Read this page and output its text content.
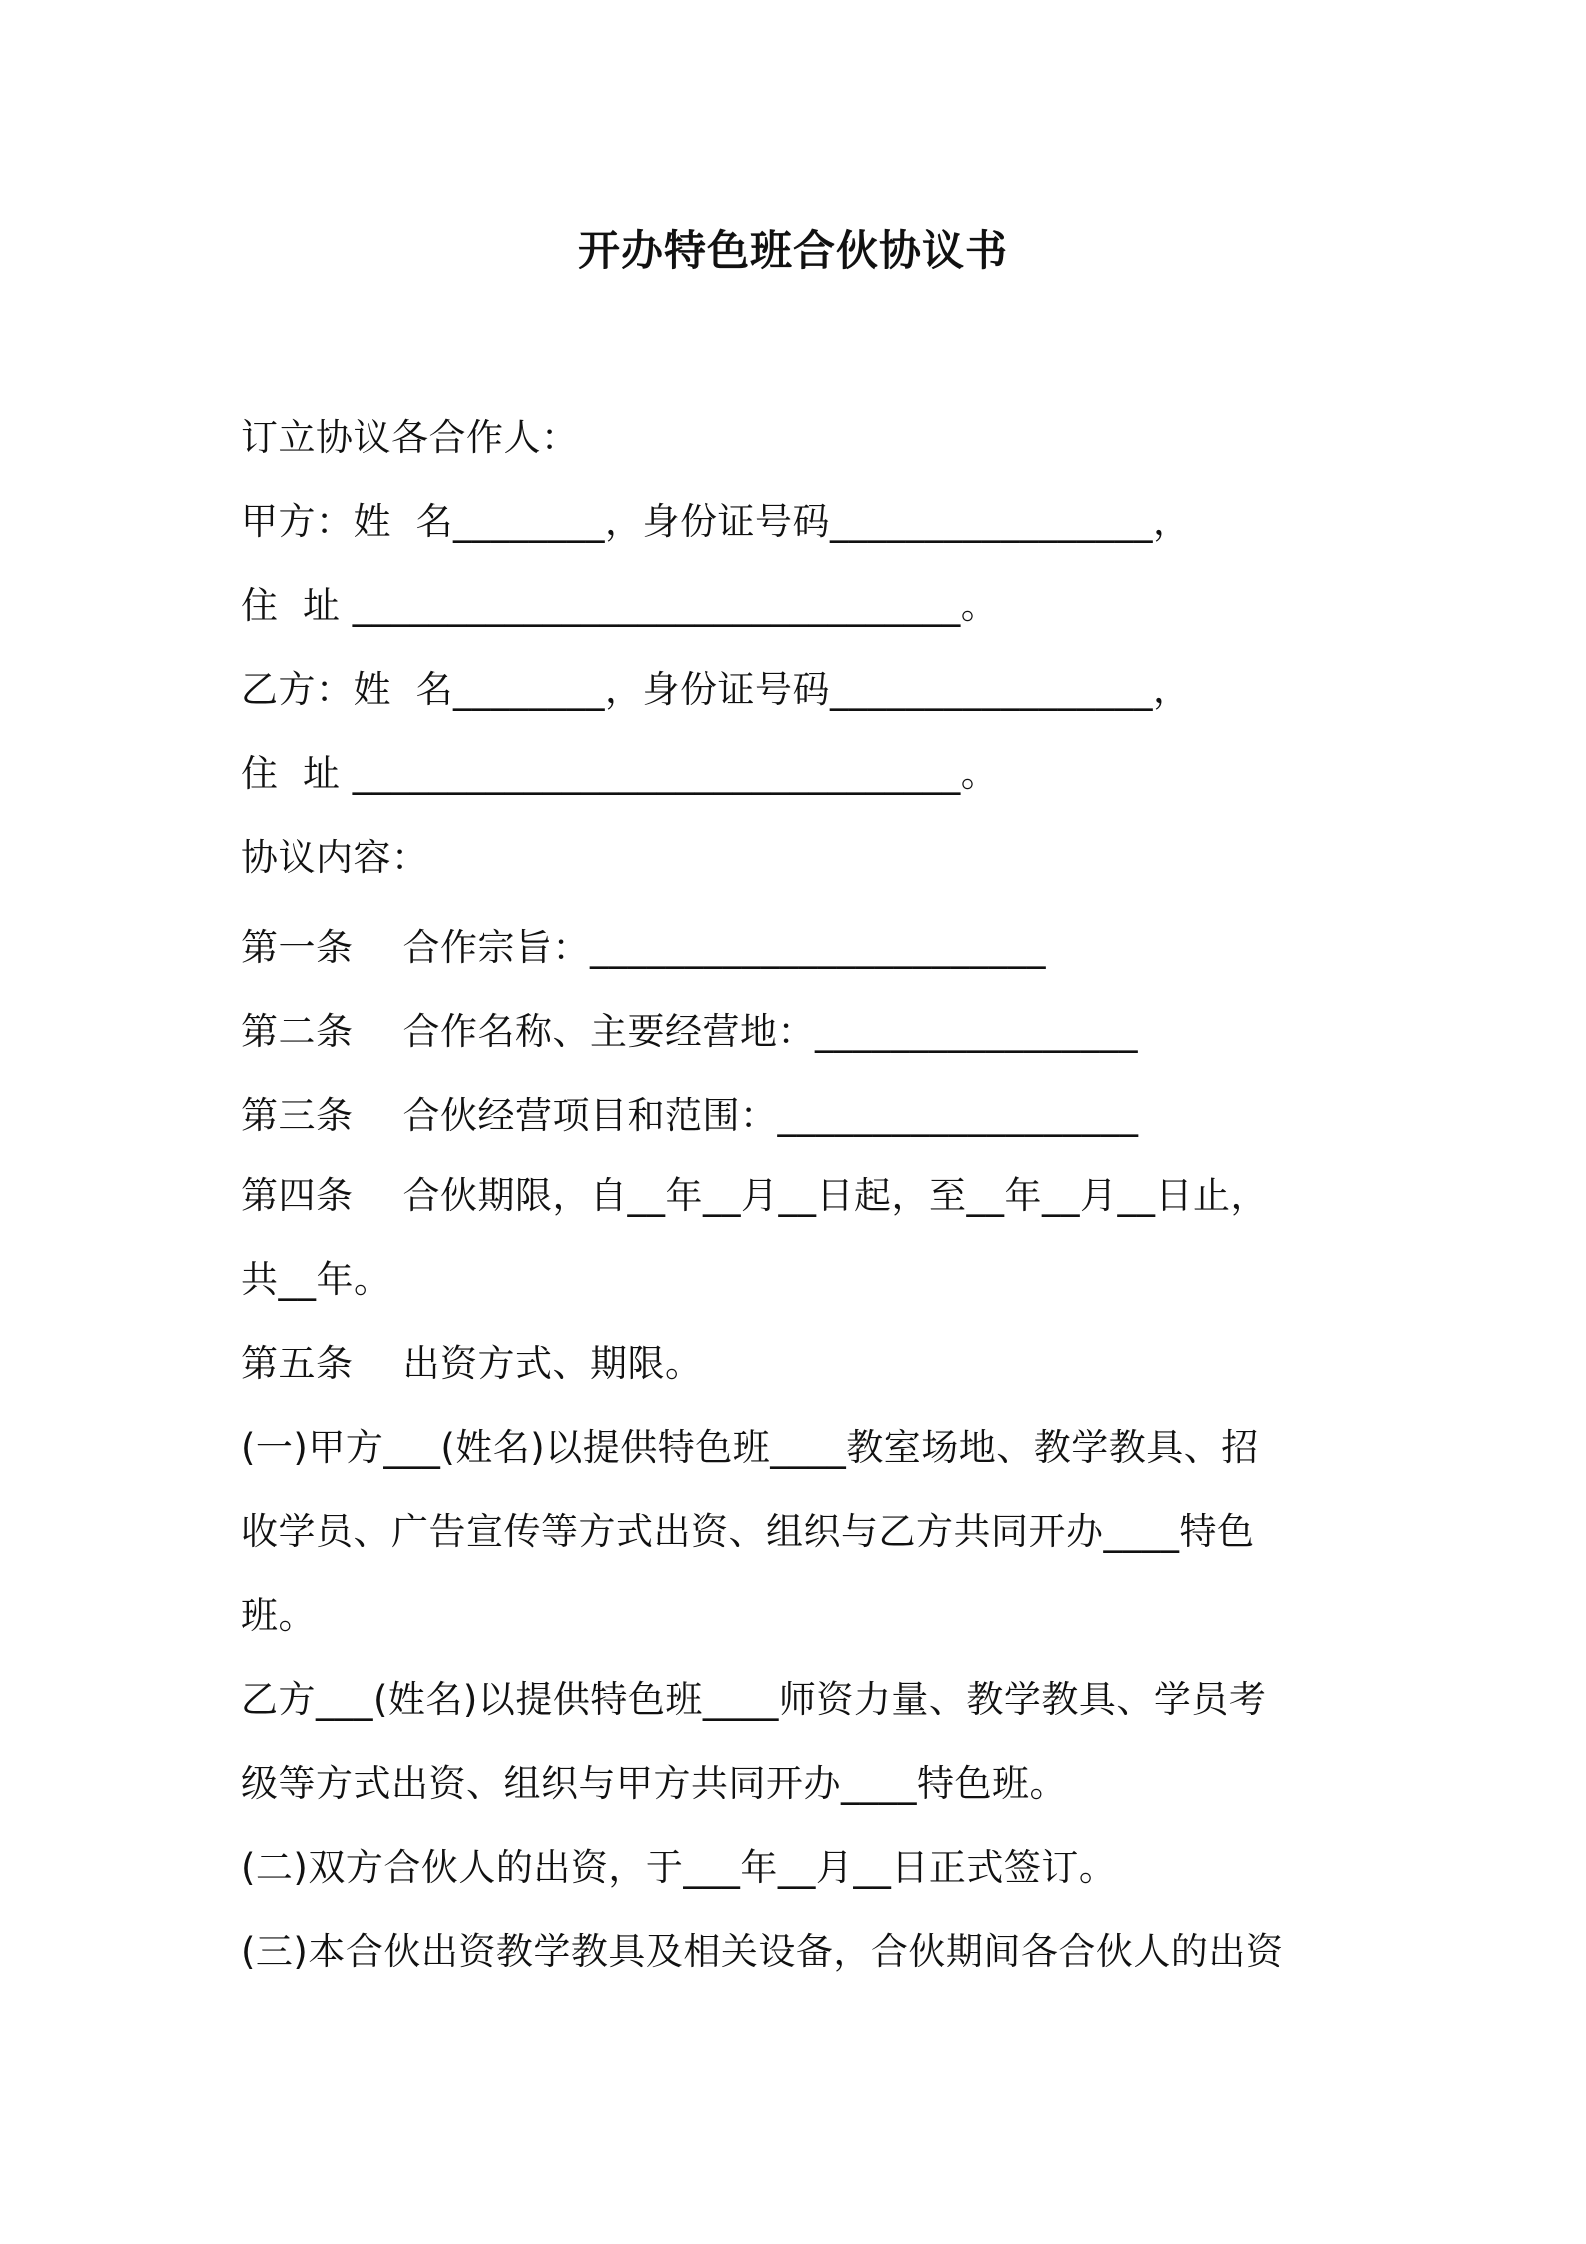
开办特色班合伙协议书
订立协议各合作人：
甲方：姓  名________，身份证号码_________________，
住  址 ________________________________。
乙方：姓  名________，身份证号码_________________，
住  址 ________________________________。
协议内容：
第一条    合作宗旨：________________________
第二条    合作名称、主要经营地：_________________
第三条    合伙经营项目和范围：___________________
第四条    合伙期限，自__年__月__日起，至__年__月__日止，
共__年。
第五条    出资方式、期限。
(一)甲方___(姓名)以提供特色班____教室场地、教学教具、招
收学员、广告宣传等方式出资、组织与乙方共同开办____特色
班。
乙方___(姓名)以提供特色班____师资力量、教学教具、学员考
级等方式出资、组织与甲方共同开办____特色班。
(二)双方合伙人的出资，于___年__月__日正式签订。
(三)本合伙出资教学教具及相关设备，合伙期间各合伙人的出资
